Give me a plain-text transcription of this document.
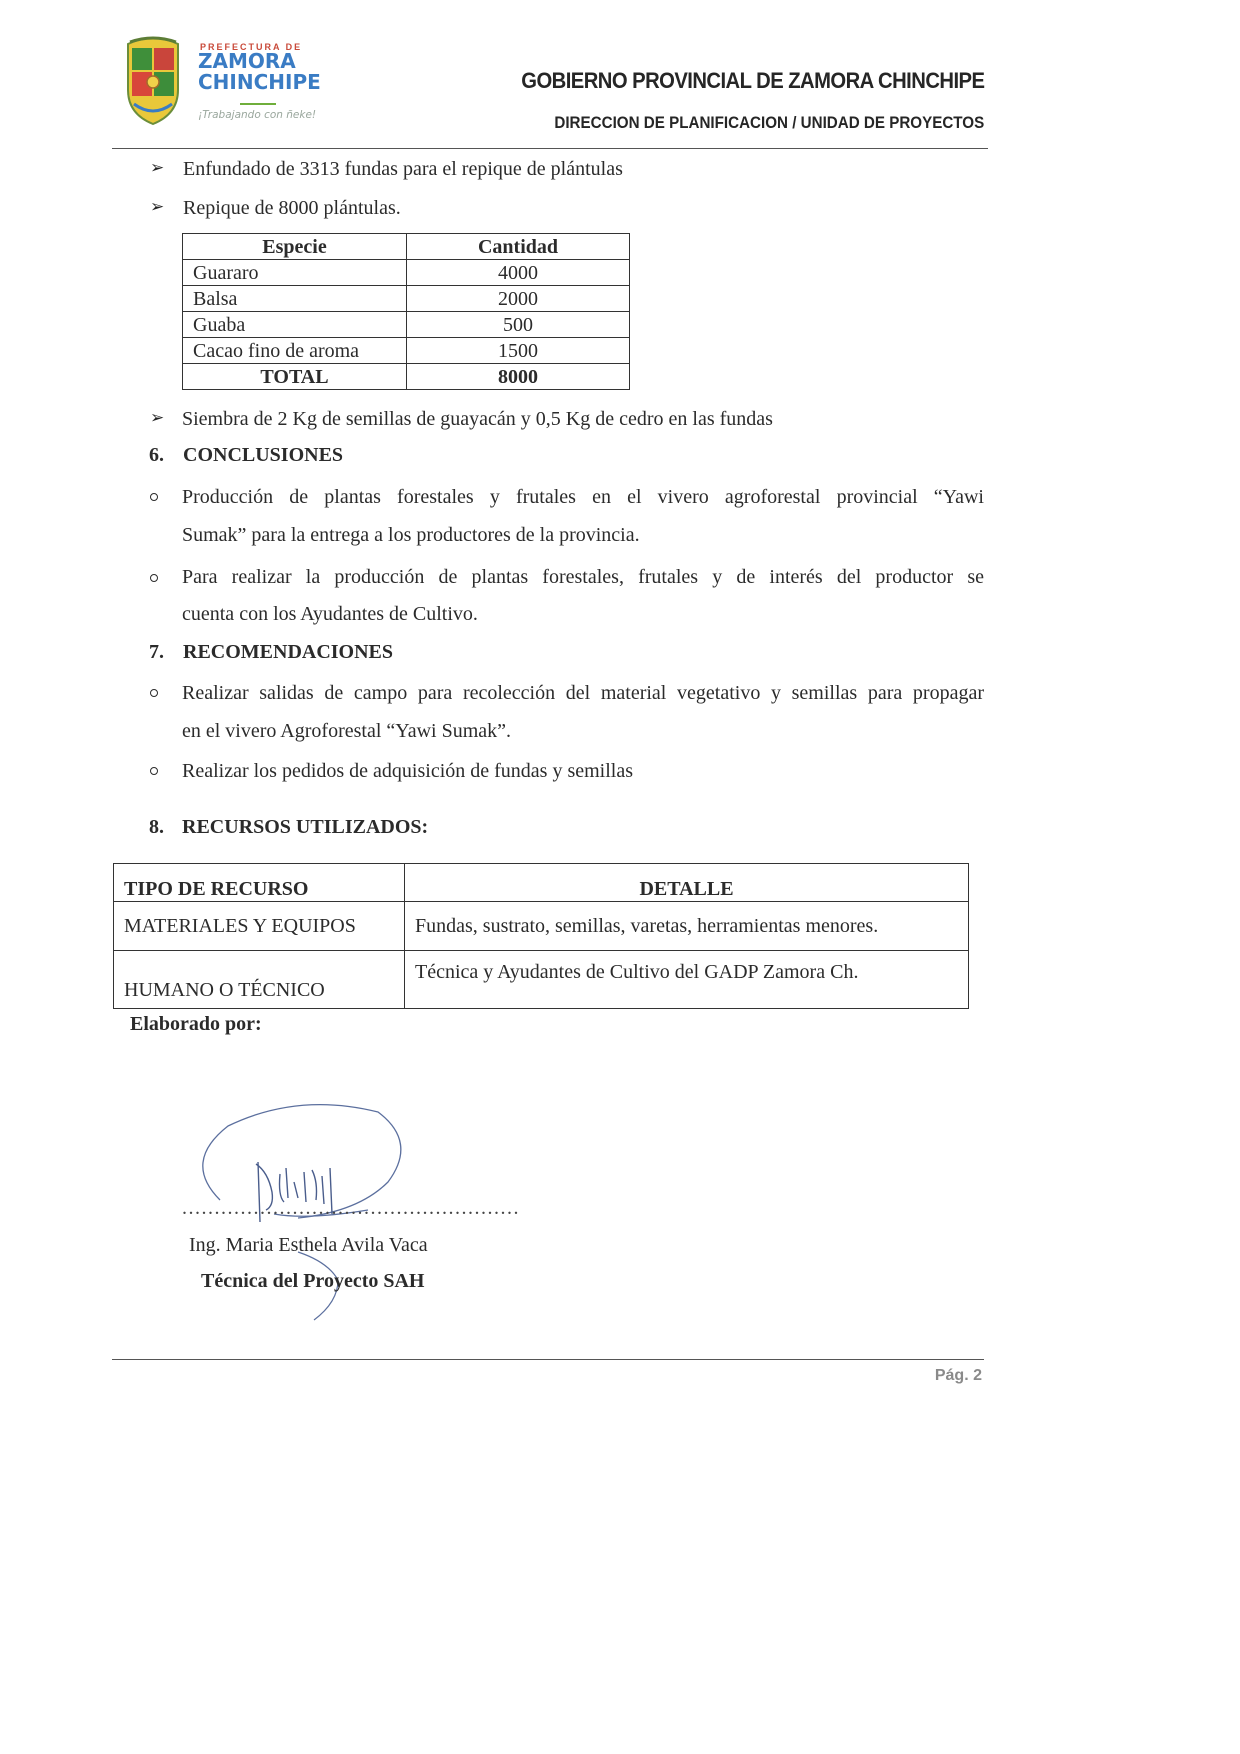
PREFECTURA DE
ZAMORA
CHINCHIPE
¡Trabajando con ñeke!
GOBIERNO PROVINCIAL DE ZAMORA CHINCHIPE
DIRECCION DE PLANIFICACION / UNIDAD DE PROYECTOS
➢ Enfundado de 3313 fundas para el repique de plántulas
➢ Repique de 8000 plántulas.
Especie	Cantidad
Guararo	4000
Balsa	2000
Guaba	500
Cacao fino de aroma	1500
TOTAL	8000
➢ Siembra de 2 Kg de semillas de guayacán y 0,5 Kg de cedro en las fundas
6. CONCLUSIONES
Producción de plantas forestales y frutales en el vivero agroforestal provincial “Yawi
Sumak” para la entrega a los productores de la provincia.
Para realizar la producción de plantas forestales, frutales y de interés del productor se
cuenta con los Ayudantes de Cultivo.
7. RECOMENDACIONES
Realizar salidas de campo para recolección del material vegetativo y semillas para propagar
en el vivero Agroforestal “Yawi Sumak”.
Realizar los pedidos de adquisición de fundas y semillas
8. RECURSOS UTILIZADOS:
TIPO DE RECURSO	DETALLE
MATERIALES Y EQUIPOS	Fundas, sustrato, semillas, varetas, herramientas menores.
HUMANO O TÉCNICO	Técnica y Ayudantes de Cultivo del GADP Zamora Ch.
Elaborado por:
....................................................
Ing. Maria Esthela Avila Vaca
Técnica del Proyecto SAH
Pág. 2
